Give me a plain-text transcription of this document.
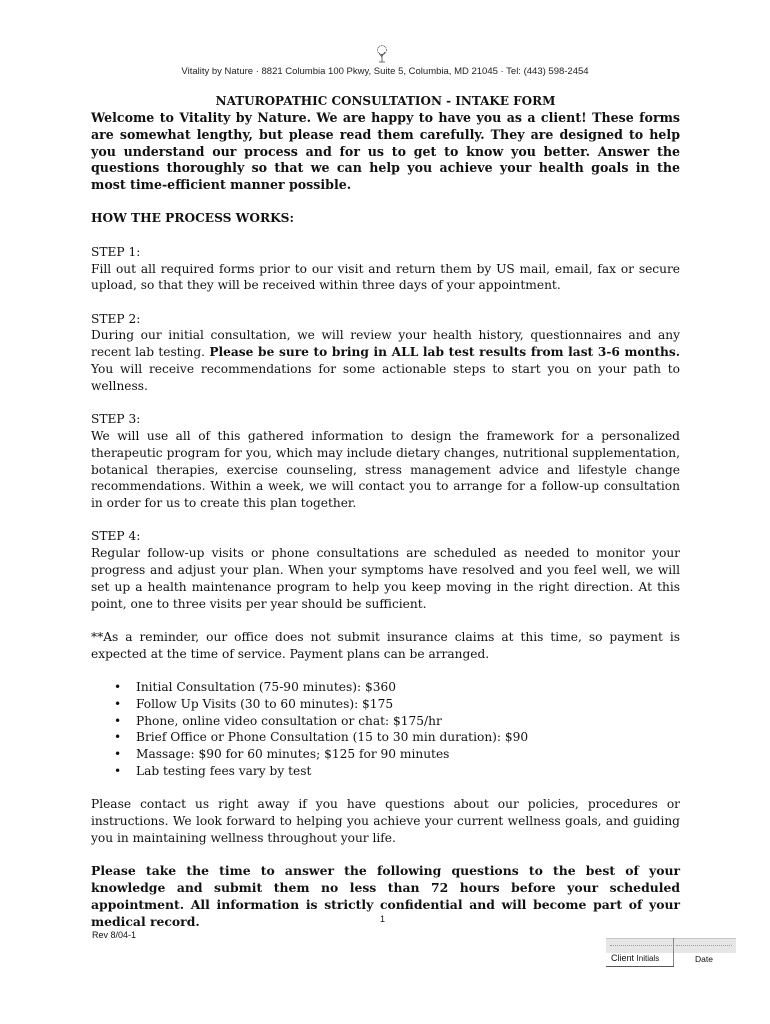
Vitality by Nature · 8821 Columbia 100 Pkwy, Suite 5, Columbia, MD 21045 · Tel: (443) 598-2454

NATUROPATHIC CONSULTATION - INTAKE FORM

Welcome to Vitality by Nature. We are happy to have you as a client! These forms are somewhat lengthy, but please read them carefully. They are designed to help you understand our process and for us to get to know you better. Answer the questions thoroughly so that we can help you achieve your health goals in the most time-efficient manner possible.

HOW THE PROCESS WORKS:

STEP 1:

Fill out all required forms prior to our visit and return them by US mail, email, fax or secure upload, so that they will be received within three days of your appointment.

STEP 2:

During our initial consultation, we will review your health history, questionnaires and any recent lab testing. Please be sure to bring in ALL lab test results from last 3-6 months. You will receive recommendations for some actionable steps to start you on your path to wellness.

STEP 3:

We will use all of this gathered information to design the framework for a personalized therapeutic program for you, which may include dietary changes, nutritional supplementation, botanical therapies, exercise counseling, stress management advice and lifestyle change recommendations. Within a week, we will contact you to arrange for a follow-up consultation in order for us to create this plan together.

STEP 4:

Regular follow-up visits or phone consultations are scheduled as needed to monitor your progress and adjust your plan. When your symptoms have resolved and you feel well, we will set up a health maintenance program to help you keep moving in the right direction. At this point, one to three visits per year should be sufficient.

**As a reminder, our office does not submit insurance claims at this time, so payment is expected at the time of service. Payment plans can be arranged.

• Initial Consultation (75-90 minutes): $360
• Follow Up Visits (30 to 60 minutes): $175
• Phone, online video consultation or chat: $175/hr
• Brief Office or Phone Consultation (15 to 30 min duration): $90
• Massage: $90 for 60 minutes; $125 for 90 minutes
• Lab testing fees vary by test

Please contact us right away if you have questions about our policies, procedures or instructions. We look forward to helping you achieve your current wellness goals, and guiding you in maintaining wellness throughout your life.

Please take the time to answer the following questions to the best of your knowledge and submit them no less than 72 hours before your scheduled appointment. All information is strictly confidential and will become part of your medical record.	1
Rev 8/04-1
Client Initials	Date
